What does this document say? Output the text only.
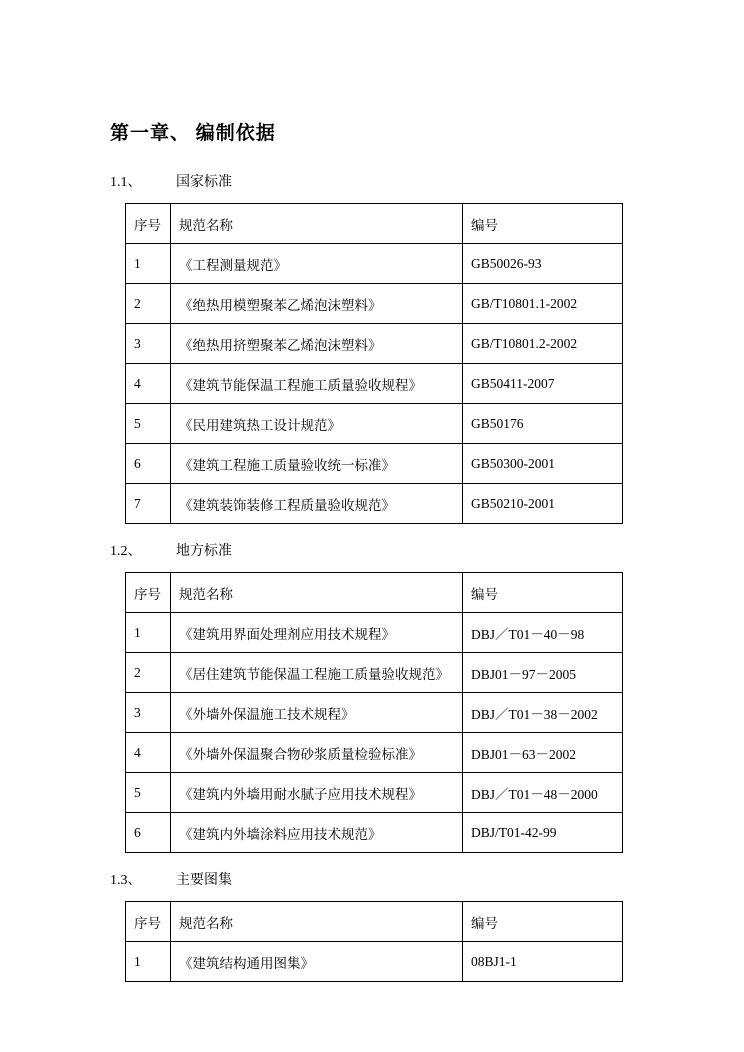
第一章、 编制依据
1.1、 国家标准
序号	规范名称	编号
1	《工程测量规范》	GB50026-93
2	《绝热用模塑聚苯乙烯泡沫塑料》	GB/T10801.1-2002
3	《绝热用挤塑聚苯乙烯泡沫塑料》	GB/T10801.2-2002
4	《建筑节能保温工程施工质量验收规程》	GB50411-2007
5	《民用建筑热工设计规范》	GB50176
6	《建筑工程施工质量验收统一标准》	GB50300-2001
7	《建筑装饰装修工程质量验收规范》	GB50210-2001
1.2、 地方标准
序号	规范名称	编号
1	《建筑用界面处理剂应用技术规程》	DBJ／T01－40－98
2	《居住建筑节能保温工程施工质量验收规范》	DBJ01－97－2005
3	《外墙外保温施工技术规程》	DBJ／T01－38－2002
4	《外墙外保温聚合物砂浆质量检验标准》	DBJ01－63－2002
5	《建筑内外墙用耐水腻子应用技术规程》	DBJ／T01－48－2000
6	《建筑内外墙涂料应用技术规范》	DBJ/T01-42-99
1.3、 主要图集
序号	规范名称	编号
1	《建筑结构通用图集》	08BJ1-1
